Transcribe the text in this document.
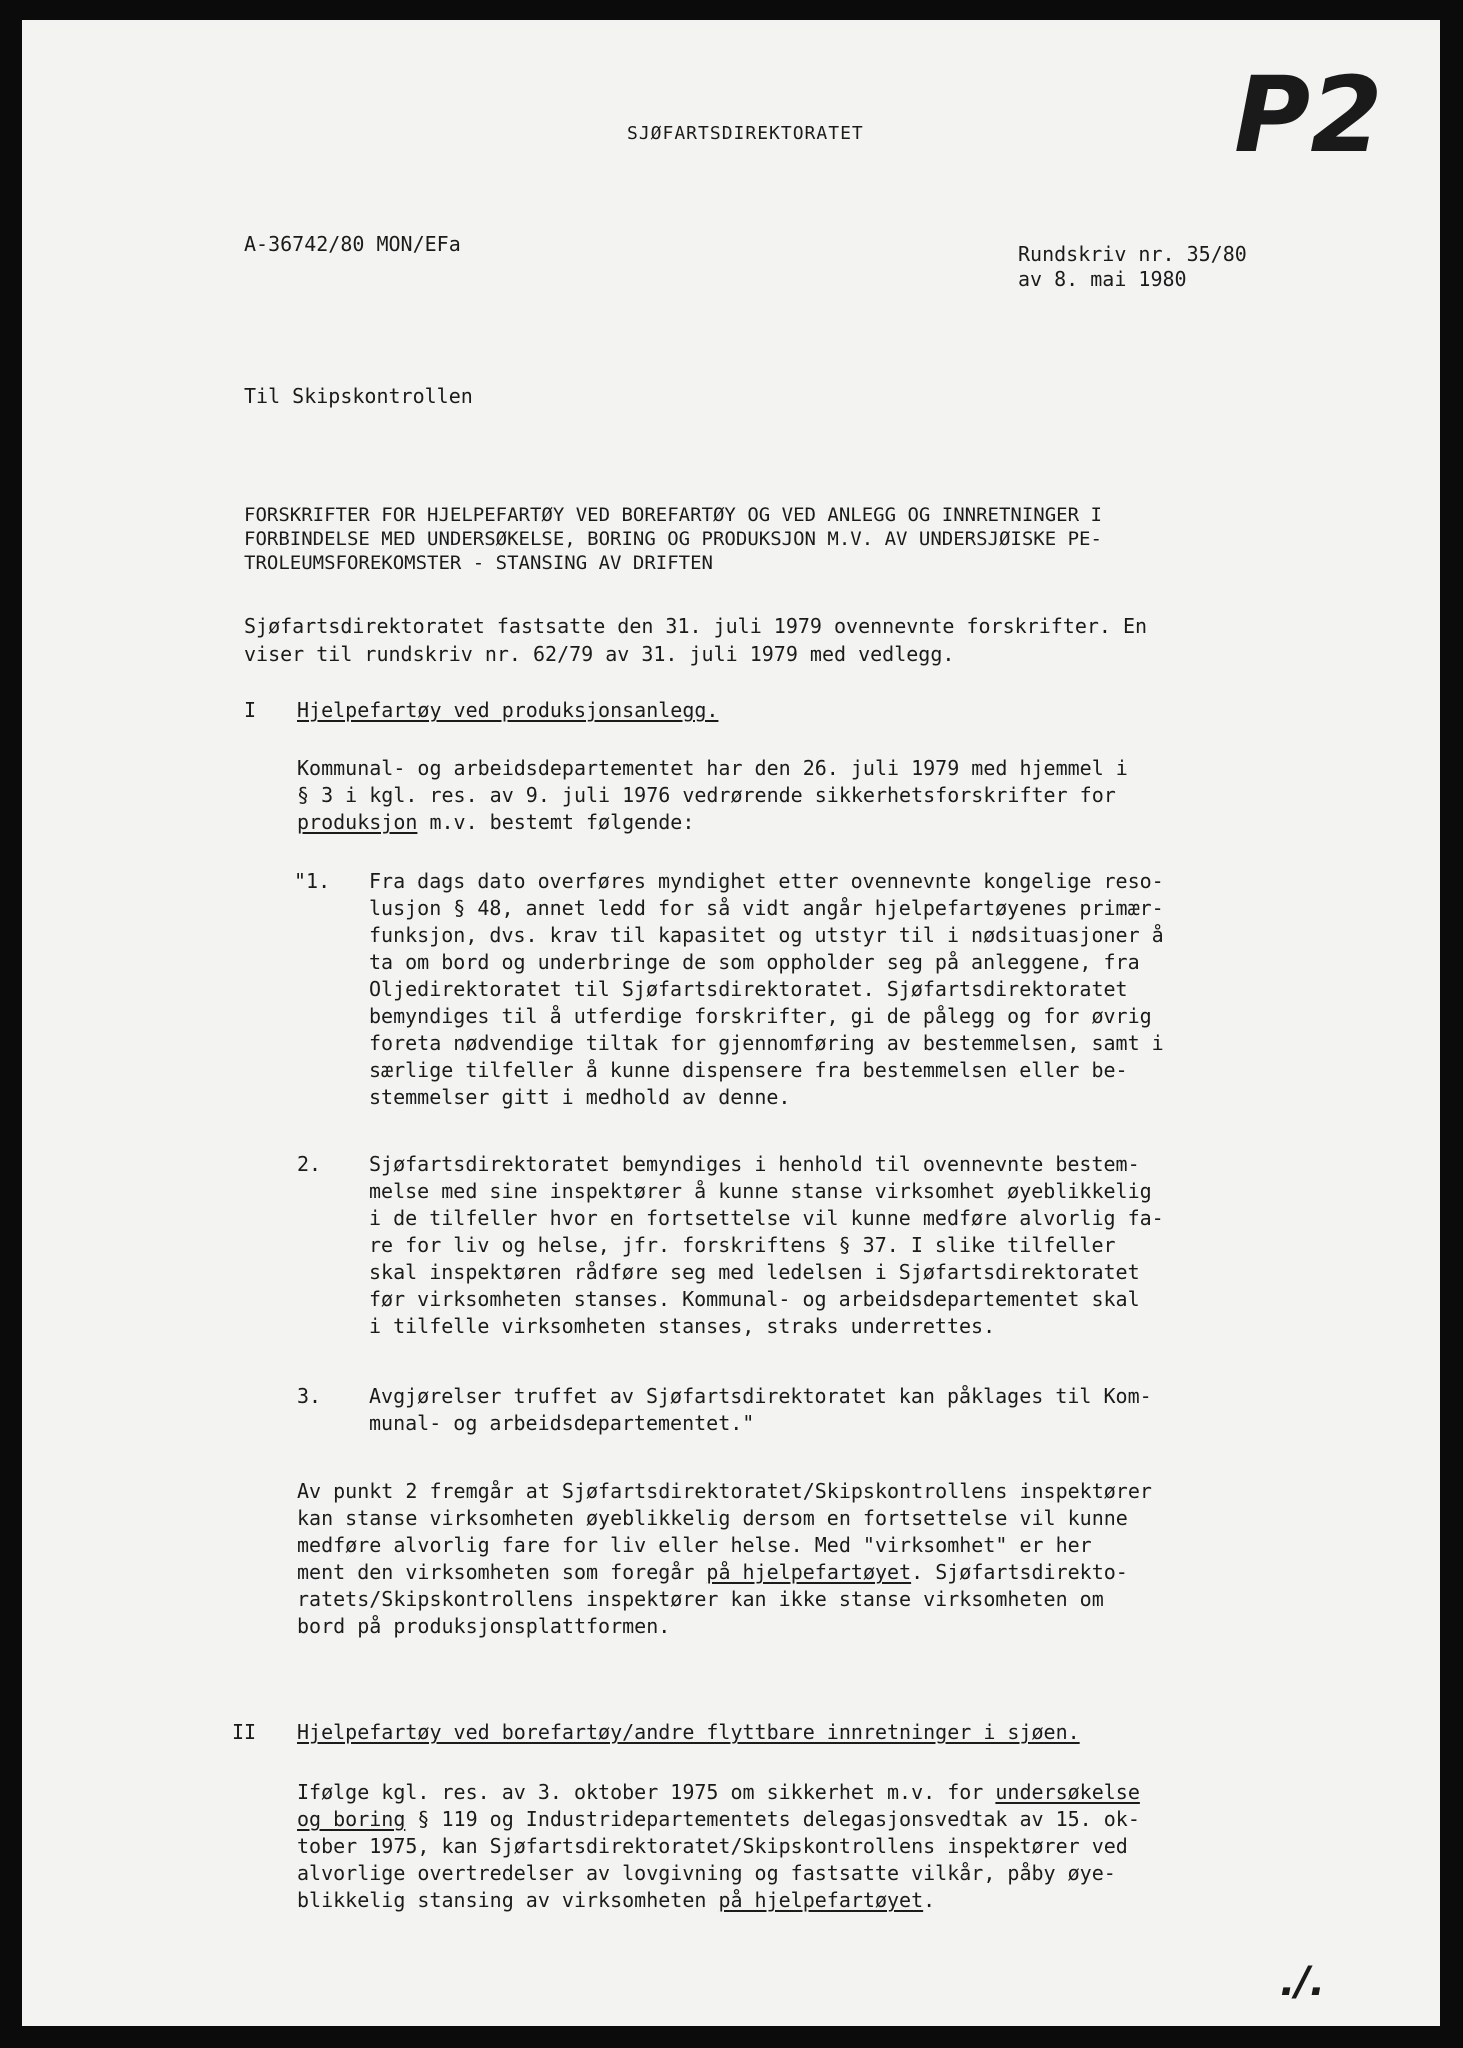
P2
./.
SJØFARTSDIREKTORATET
A-36742/80 MON/EFa	Rundskriv nr. 35/80
av 8. mai 1980
Til Skipskontrollen
FORSKRIFTER FOR HJELPEFARTØY VED BOREFARTØY OG VED ANLEGG OG INNRETNINGER I
FORBINDELSE MED UNDERSØKELSE, BORING OG PRODUKSJON M.V. AV UNDERSJØISKE PE-
TROLEUMSFOREKOMSTER - STANSING AV DRIFTEN
Sjøfartsdirektoratet fastsatte den 31. juli 1979 ovennevnte forskrifter. En
viser til rundskriv nr. 62/79 av 31. juli 1979 med vedlegg.
I Hjelpefartøy ved produksjonsanlegg.
Kommunal- og arbeidsdepartementet har den 26. juli 1979 med hjemmel i
§ 3 i kgl. res. av 9. juli 1976 vedrørende sikkerhetsforskrifter for
produksjon m.v. bestemt følgende:
"1. Fra dags dato overføres myndighet etter ovennevnte kongelige reso-
lusjon § 48, annet ledd for så vidt angår hjelpefartøyenes primær-
funksjon, dvs. krav til kapasitet og utstyr til i nødsituasjoner å
ta om bord og underbringe de som oppholder seg på anleggene, fra
Oljedirektoratet til Sjøfartsdirektoratet. Sjøfartsdirektoratet
bemyndiges til å utferdige forskrifter, gi de pålegg og for øvrig
foreta nødvendige tiltak for gjennomføring av bestemmelsen, samt i
særlige tilfeller å kunne dispensere fra bestemmelsen eller be-
stemmelser gitt i medhold av denne.
2. Sjøfartsdirektoratet bemyndiges i henhold til ovennevnte bestem-
melse med sine inspektører å kunne stanse virksomhet øyeblikkelig
i de tilfeller hvor en fortsettelse vil kunne medføre alvorlig fa-
re for liv og helse, jfr. forskriftens § 37. I slike tilfeller
skal inspektøren rådføre seg med ledelsen i Sjøfartsdirektoratet
før virksomheten stanses. Kommunal- og arbeidsdepartementet skal
i tilfelle virksomheten stanses, straks underrettes.
3. Avgjørelser truffet av Sjøfartsdirektoratet kan påklages til Kom-
munal- og arbeidsdepartementet."
Av punkt 2 fremgår at Sjøfartsdirektoratet/Skipskontrollens inspektører
kan stanse virksomheten øyeblikkelig dersom en fortsettelse vil kunne
medføre alvorlig fare for liv eller helse. Med "virksomhet" er her
ment den virksomheten som foregår på hjelpefartøyet. Sjøfartsdirekto-
ratets/Skipskontrollens inspektører kan ikke stanse virksomheten om
bord på produksjonsplattformen.
II Hjelpefartøy ved borefartøy/andre flyttbare innretninger i sjøen.
Ifølge kgl. res. av 3. oktober 1975 om sikkerhet m.v. for undersøkelse
og boring § 119 og Industridepartementets delegasjonsvedtak av 15. ok-
tober 1975, kan Sjøfartsdirektoratet/Skipskontrollens inspektører ved
alvorlige overtredelser av lovgivning og fastsatte vilkår, påby øye-
blikkelig stansing av virksomheten på hjelpefartøyet.
